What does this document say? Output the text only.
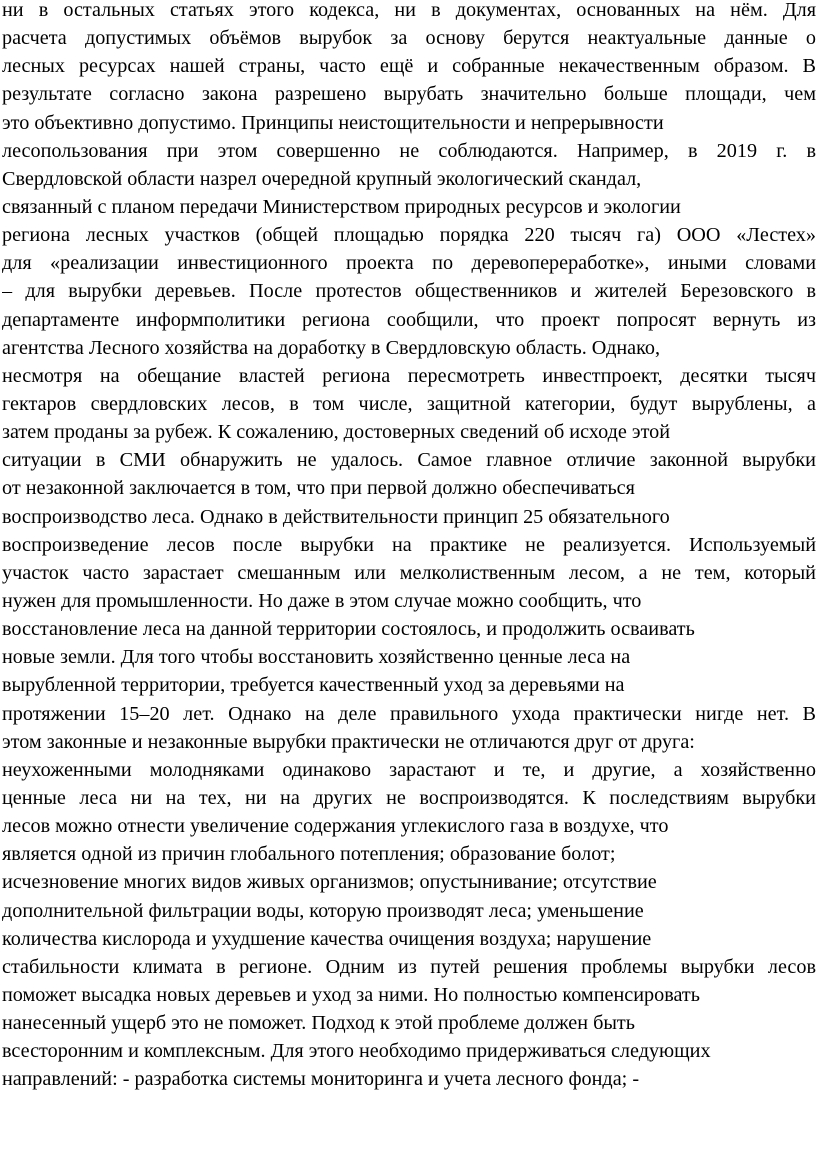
ни в остальных статьях этого кодекса, ни в документах, основанных на нём. Для
расчета допустимых объёмов вырубок за основу берутся неактуальные данные о
лесных ресурсах нашей страны, часто ещё и собранные некачественным образом. В
результате согласно закона разрешено вырубать значительно больше площади, чем
это объективно допустимо. Принципы неистощительности и непрерывности
лесопользования при этом совершенно не соблюдаются. Например, в 2019 г. в
Свердловской области назрел очередной крупный экологический скандал,
связанный с планом передачи Министерством природных ресурсов и экологии
региона лесных участков (общей площадью порядка 220 тысяч га) ООО «Лестех»
для «реализации инвестиционного проекта по деревопереработке», иными словами
– для вырубки деревьев. После протестов общественников и жителей Березовского в
департаменте информполитики региона сообщили, что проект попросят вернуть из
агентства Лесного хозяйства на доработку в Свердловскую область. Однако,
несмотря на обещание властей региона пересмотреть инвестпроект, десятки тысяч
гектаров свердловских лесов, в том числе, защитной категории, будут вырублены, а
затем проданы за рубеж. К сожалению, достоверных сведений об исходе этой
ситуации в СМИ обнаружить не удалось. Самое главное отличие законной вырубки
от незаконной заключается в том, что при первой должно обеспечиваться
воспроизводство леса. Однако в действительности принцип 25 обязательного
воспроизведение лесов после вырубки на практике не реализуется. Используемый
участок часто зарастает смешанным или мелколиственным лесом, а не тем, который
нужен для промышленности. Но даже в этом случае можно сообщить, что
восстановление леса на данной территории состоялось, и продолжить осваивать
новые земли. Для того чтобы восстановить хозяйственно ценные леса на
вырубленной территории, требуется качественный уход за деревьями на
протяжении 15–20 лет. Однако на деле правильного ухода практически нигде нет. В
этом законные и незаконные вырубки практически не отличаются друг от друга:
неухоженными молодняками одинаково зарастают и те, и другие, а хозяйственно
ценные леса ни на тех, ни на других не воспроизводятся. К последствиям вырубки
лесов можно отнести увеличение содержания углекислого газа в воздухе, что
является одной из причин глобального потепления; образование болот;
исчезновение многих видов живых организмов; опустынивание; отсутствие
дополнительной фильтрации воды, которую производят леса; уменьшение
количества кислорода и ухудшение качества очищения воздуха; нарушение
стабильности климата в регионе. Одним из путей решения проблемы вырубки лесов
поможет высадка новых деревьев и уход за ними. Но полностью компенсировать
нанесенный ущерб это не поможет. Подход к этой проблеме должен быть
всесторонним и комплексным. Для этого необходимо придерживаться следующих
направлений: - разработка системы мониторинга и учета лесного фонда; -
